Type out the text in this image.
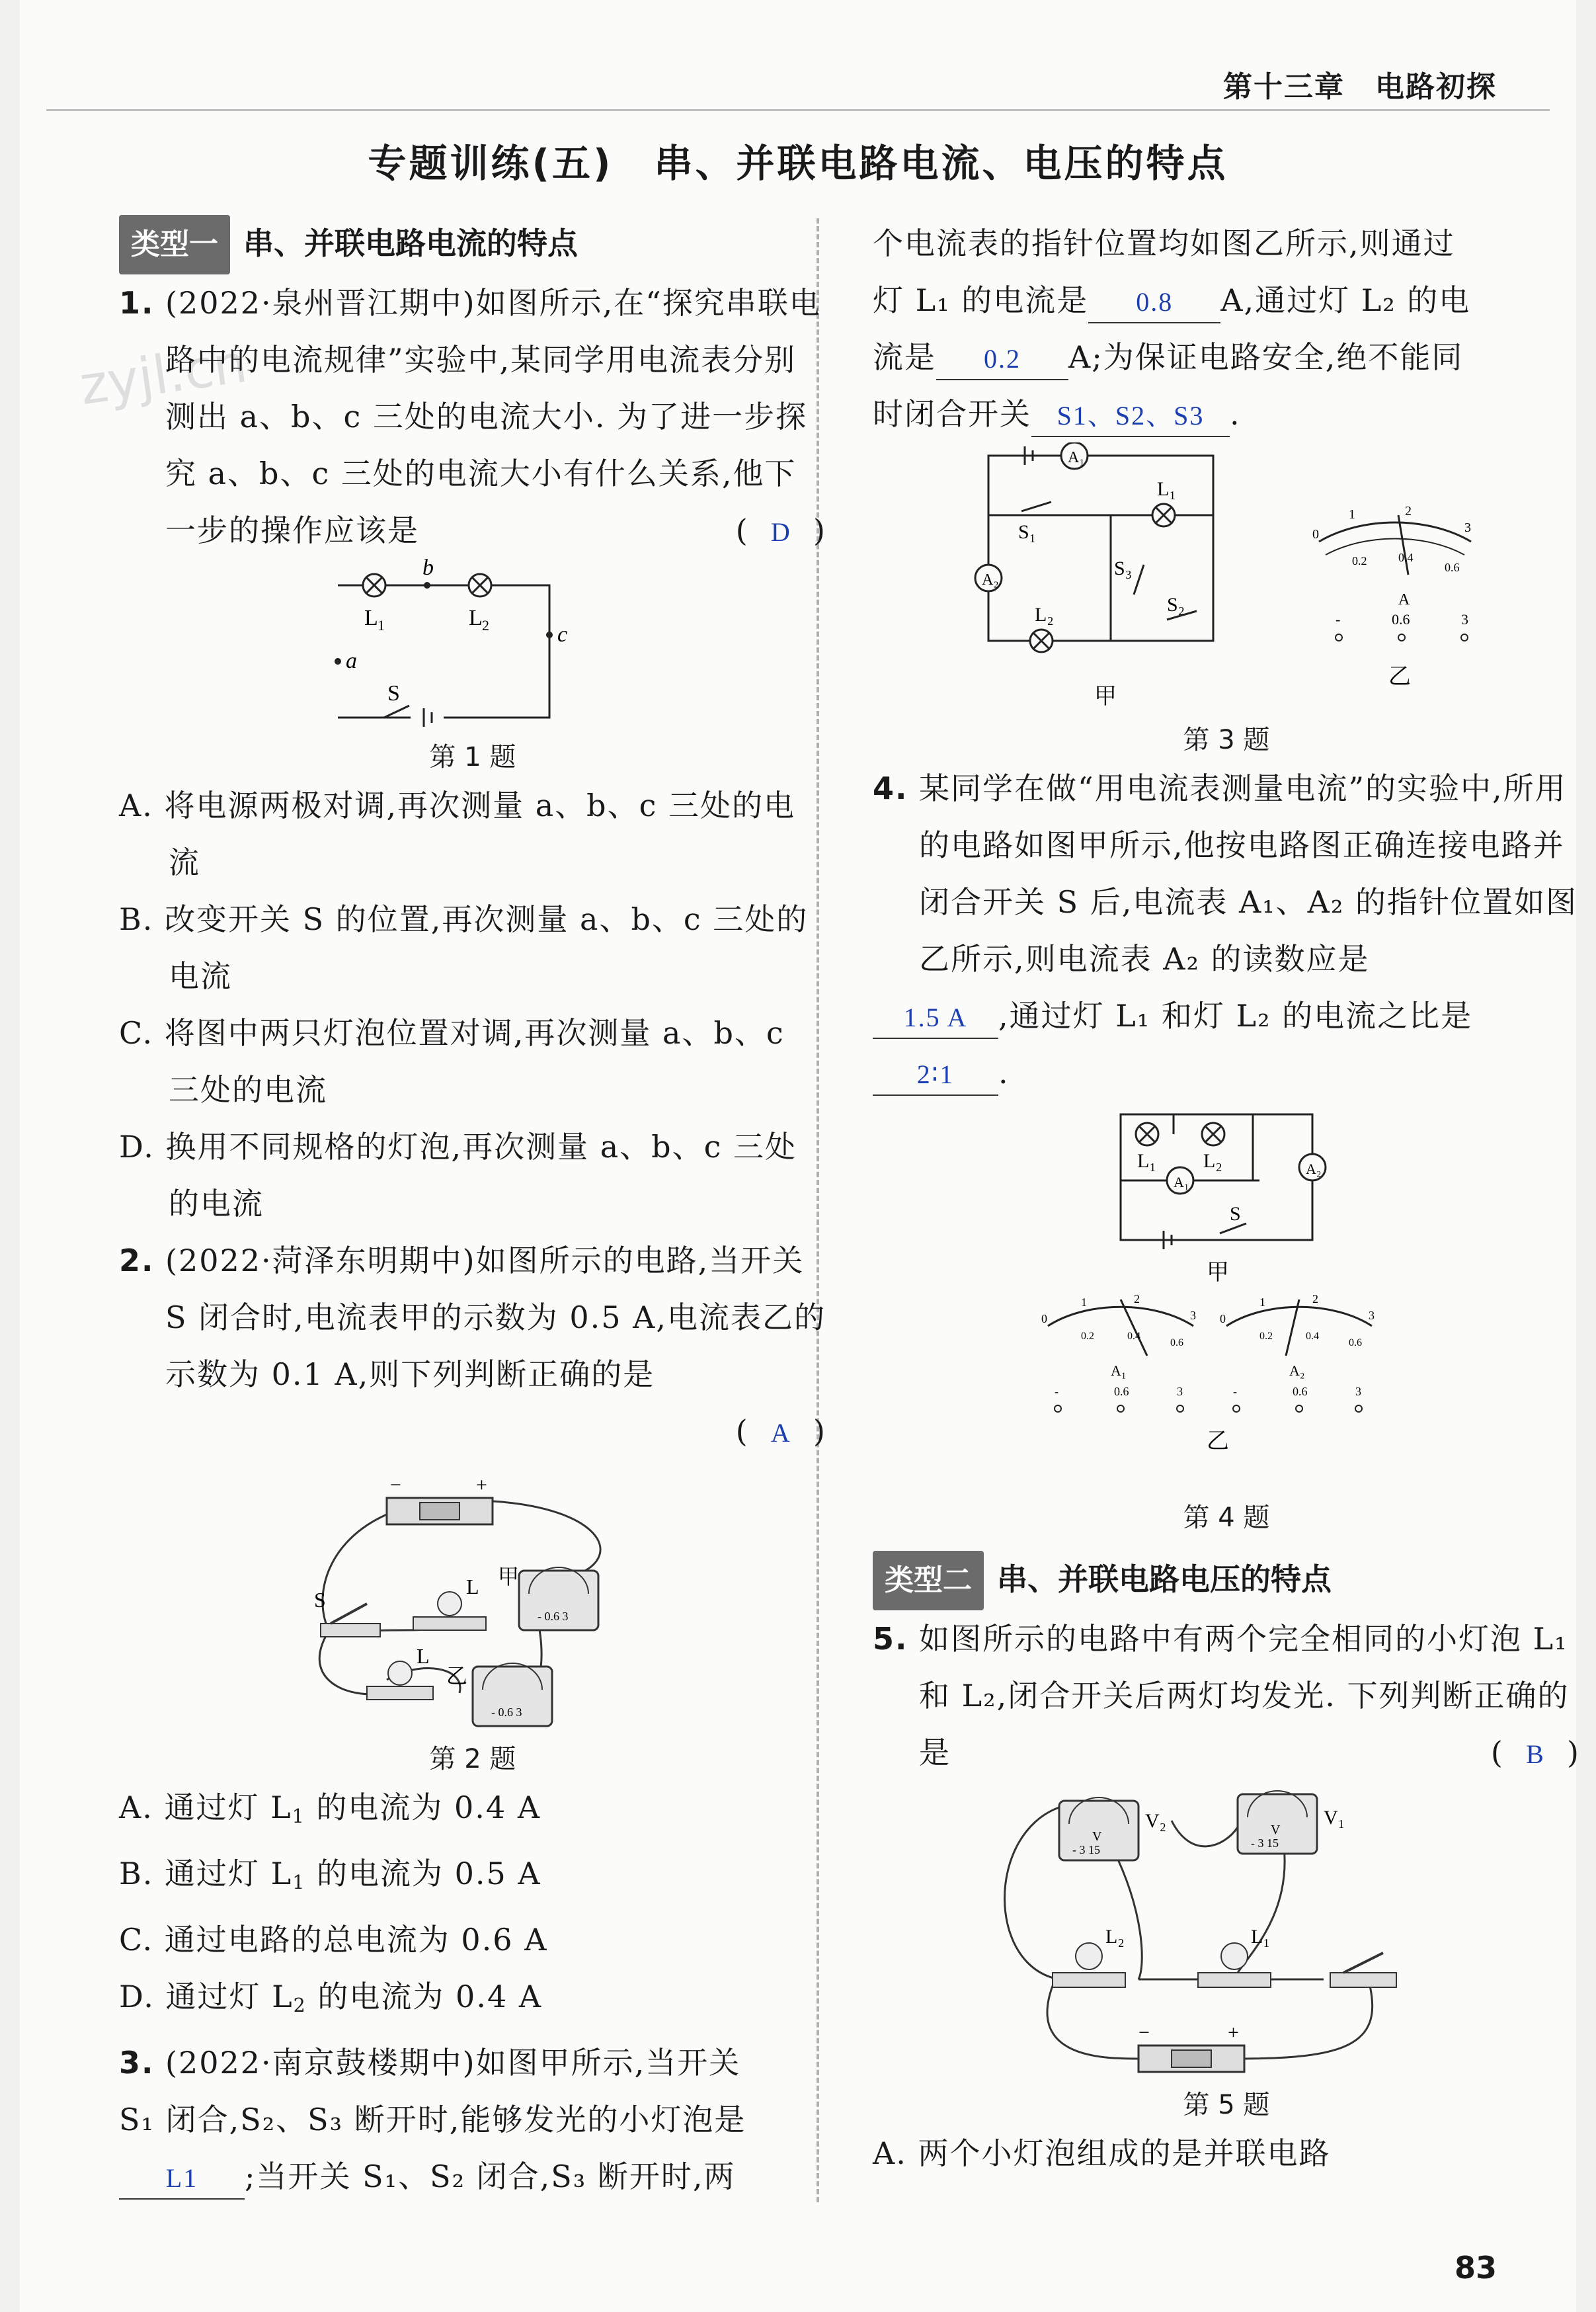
zyjl.cn
第十三章　电路初探
专题训练(五)　串、并联电路电流、电压的特点

类型一 串、并联电路电流的特点

1. (2022·泉州晋江期中)如图所示,在“探究串联电路中的电流规律”实验中,某同学用电流表分别测出 a、b、c 三处的电流大小. 为了进一步探究 a、b、c 三处的电流大小有什么关系,他下一步的操作应该是	(  D  )

b
a
c
L 1	L 2
S

第 1 题

A. 将电源两极对调,再次测量 a、b、c 三处的电流

B. 改变开关 S 的位置,再次测量 a、b、c 三处的电流

C. 将图中两只灯泡位置对调,再次测量 a、b、c 三处的电流

D. 换用不同规格的灯泡,再次测量 a、b、c 三处的电流

2. (2022·菏泽东明期中)如图所示的电路,当开关 S 闭合时,电流表甲的示数为 0.5 A,电流表乙的示数为 0.1 A,则下列判断正确的是

(  A  )

−	+
S
L
- 0.6 3
甲
L
- 0.6 3
乙

第 2 题

A. 通过灯 $L_1$ 的电流为 0.4 A

B. 通过灯 $L_1$ 的电流为 0.5 A

C. 通过电路的总电流为 0.6 A

D. 通过灯 $L_2$ 的电流为 0.4 A

3. (2022·南京鼓楼期中)如图甲所示,当开关

S₁ 闭合,S₂、S₃ 断开时,能够发光的小灯泡是

L1 ;当开关 S₁、S₂ 闭合,S₃ 断开时,两

个电流表的指针位置均如图乙所示,则通过

灯 L₁ 的电流是 0.8 A,通过灯 L₂ 的电

流是 0.2 A;为保证电路安全,绝不能同

时闭合开关 S1、S2、S3 .

A₁
A₂
L₁
L₂
S₁
S₃
S₂
甲
0
1	2
3
0.2	0.4
0.6
A
-	0.6	3
乙

第 3 题

4. 某同学在做“用电流表测量电流”的实验中,所用的电路如图甲所示,他按电路图正确连接电路并闭合开关 S 后,电流表 A₁、A₂ 的指针位置如图乙所示,则电流表 A₂ 的读数应是

1.5 A ,通过灯 L₁ 和灯 L₂ 的电流之比是

2∶1 .

L₁ L₂
A₁
A₂
S
甲
0
1	2
3
0.2	0.4
0.6
A₁
-	0.6	3
0
1	2
3
0.2	0.4
0.6
A₂
-	0.6	3
乙

第 4 题

类型二 串、并联电路电压的特点

5. 如图所示的电路中有两个完全相同的小灯泡 L₁ 和 L₂,闭合开关后两灯均发光. 下列判断正确的是	(  B  )

V
- 3 15
V₂	V
- 3 15
V₁
L₂	L₁
−	+

第 5 题

A. 两个小灯泡组成的是并联电路

83
